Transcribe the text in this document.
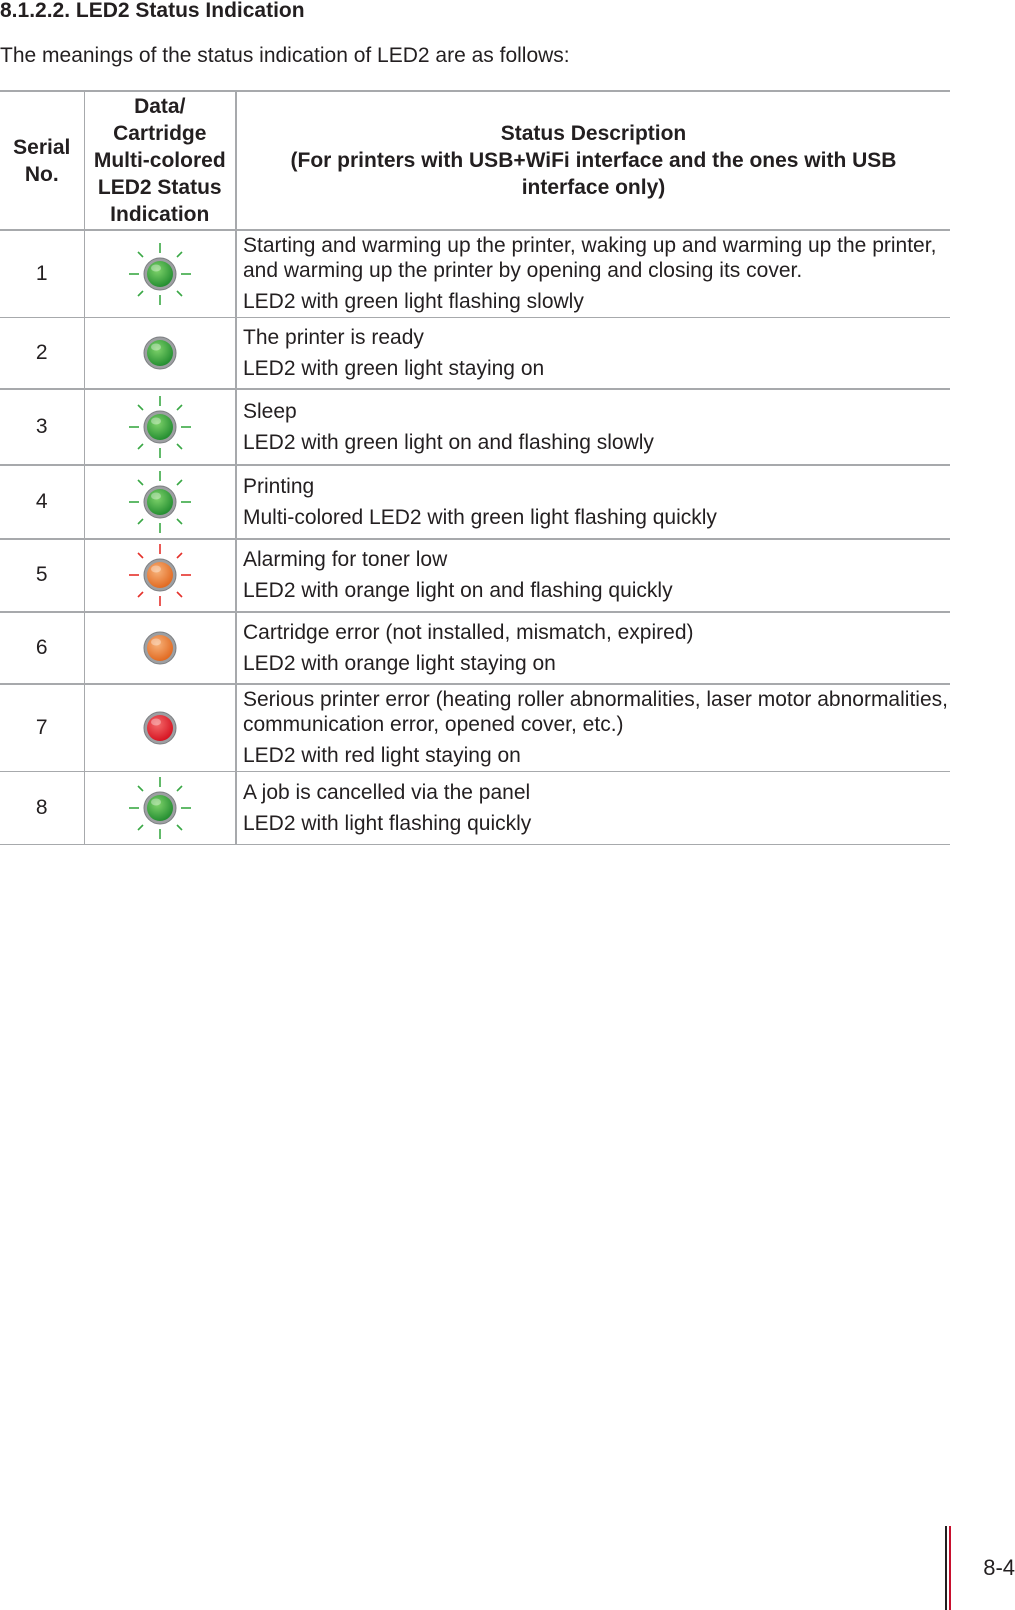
8.1.2.2. LED2 Status Indication

The meanings of the status indication of LED2 are as follows:

Serial No.	Data/ Cartridge Multi-colored LED2 Status Indication	Status Description
(For printers with USB+WiFi interface and the ones with USB interface only)

1		Starting and warming up the printer, waking up and warming up the printer, and warming up the printer by opening and closing its cover.
LED2 with green light flashing slowly

2		The printer is ready
LED2 with green light staying on

3		Sleep
LED2 with green light on and flashing slowly

4		Printing
Multi-colored LED2 with green light flashing quickly

5		Alarming for toner low
LED2 with orange light on and flashing quickly

6		Cartridge error (not installed, mismatch, expired)
LED2 with orange light staying on

7		Serious printer error (heating roller abnormalities, laser motor abnormalities, communication error, opened cover, etc.)
LED2 with red light staying on

8		A job is cancelled via the panel
LED2 with light flashing quickly
8-4
